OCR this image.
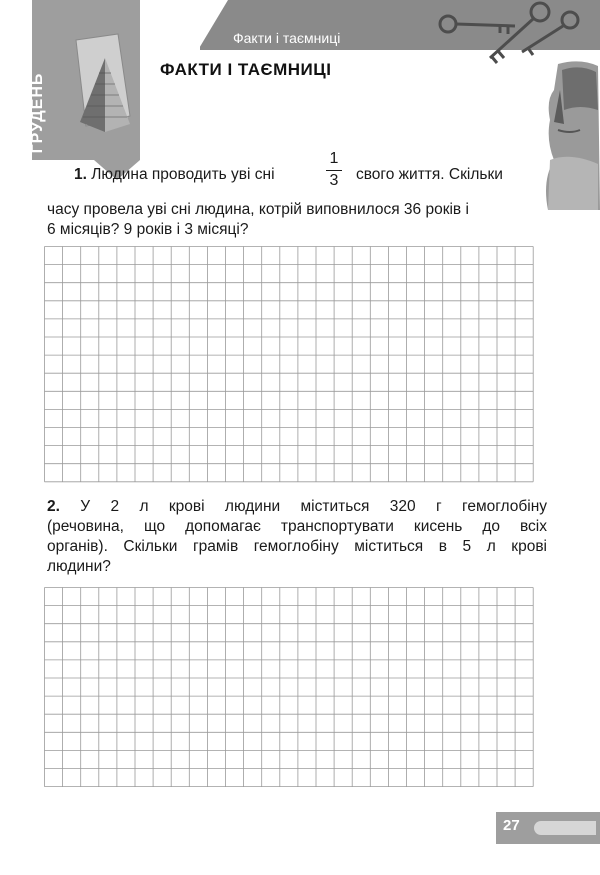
Факти і таємниці
ГРУДЕНЬ
ФАКТИ І ТАЄМНИЦІ
1. Людина проводить уві сні
1
3	свого життя. Скільки
часу провела уві сні людина, котрій виповнилося 36 років і
6 місяців? 9 років і 3 місяці?
2. У 2 л крові людини міститься 320 г гемоглобіну
(речовина, що допомагає транспортувати кисень до всіх
органів). Скільки грамів гемоглобіну міститься в 5 л крові
людини?
27
